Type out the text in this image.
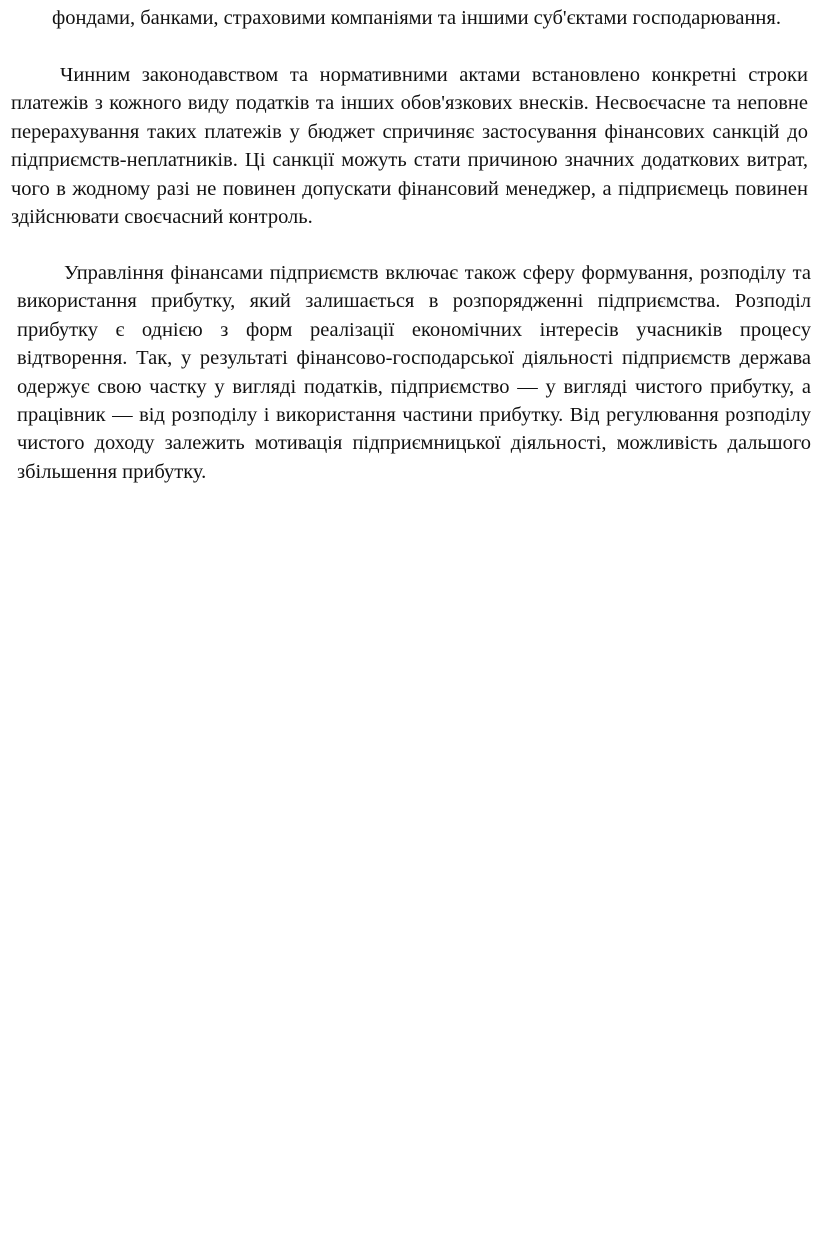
фондами, банками, страховими компаніями та іншими суб'єктами господарювання.

Чинним законодавством та нормативними актами встановлено конкретні строки платежів з кожного виду податків та інших обов'язкових внесків. Несвоєчасне та неповне перерахування таких платежів у бюджет спричиняє застосування фінансових санкцій до підприємств-неплатників. Ці санкції можуть стати причиною значних додаткових витрат, чого в жодному разі не повинен допускати фінансовий менеджер, а підприємець повинен здійснювати своєчасний контроль.

Управління фінансами підприємств включає також сферу формування, розподілу та використання прибутку, який залишається в розпорядженні підприємства. Розподіл прибутку є однією з форм реалізації економічних інтересів учасників процесу відтворення. Так, у результаті фінансово-господарської діяльності підприємств держава одержує свою частку у вигляді податків, підприємство — у вигляді чистого прибутку, а працівник — від розподілу і використання частини прибутку. Від регулювання розподілу чистого доходу залежить мотивація підприємницької діяльності, можливість дальшого збільшення прибутку.
